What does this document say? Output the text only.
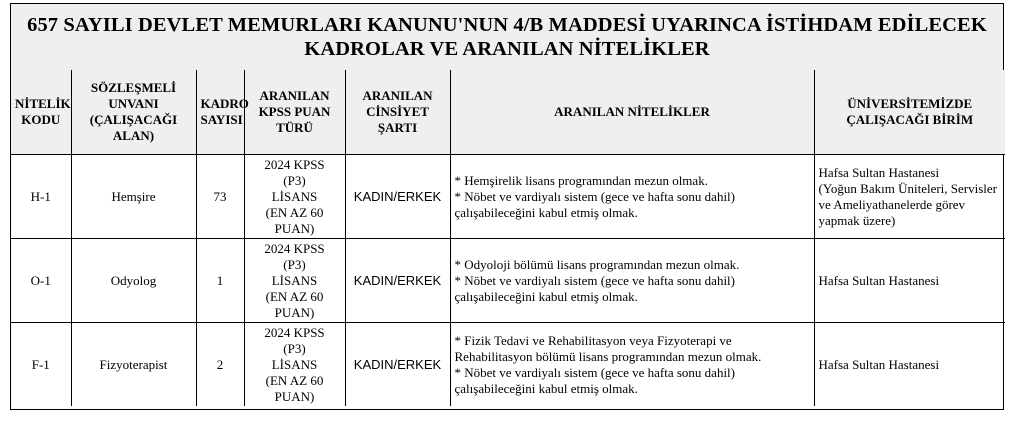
657 SAYILI DEVLET MEMURLARI KANUNU'NUN 4/B MADDESİ UYARINCA İSTİHDAM EDİLECEK
KADROLAR VE ARANILAN NİTELİKLER
NİTELİK KODU	SÖZLEŞMELİ UNVANI (ÇALIŞACAĞI ALAN)	KADRO SAYISI	ARANILAN KPSS PUAN TÜRÜ	ARANILAN CİNSİYET ŞARTI	ARANILAN NİTELİKLER	ÜNİVERSİTEMİZDE ÇALIŞACAĞI BİRİM
H-1	Hemşire	73	2024 KPSS
(P3)
LİSANS
(EN AZ 60
PUAN)	KADIN/ERKEK	* Hemşirelik lisans programından mezun olmak.
* Nöbet ve vardiyalı sistem (gece ve hafta sonu dahil)
çalışabileceğini kabul etmiş olmak.	Hafsa Sultan Hastanesi
(Yoğun Bakım Üniteleri, Servisler ve Ameliyathanelerde görev yapmak üzere)

O-1	Odyolog	1	2024 KPSS
(P3)
LİSANS
(EN AZ 60
PUAN)	KADIN/ERKEK	* Odyoloji bölümü lisans programından mezun olmak.
* Nöbet ve vardiyalı sistem (gece ve hafta sonu dahil)
çalışabileceğini kabul etmiş olmak.	Hafsa Sultan Hastanesi

F-1	Fizyoterapist	2	2024 KPSS
(P3)
LİSANS
(EN AZ 60
PUAN)	KADIN/ERKEK	* Fizik Tedavi ve Rehabilitasyon veya Fizyoterapi ve
Rehabilitasyon bölümü lisans programından mezun olmak.
* Nöbet ve vardiyalı sistem (gece ve hafta sonu dahil)
çalışabileceğini kabul etmiş olmak.	Hafsa Sultan Hastanesi
